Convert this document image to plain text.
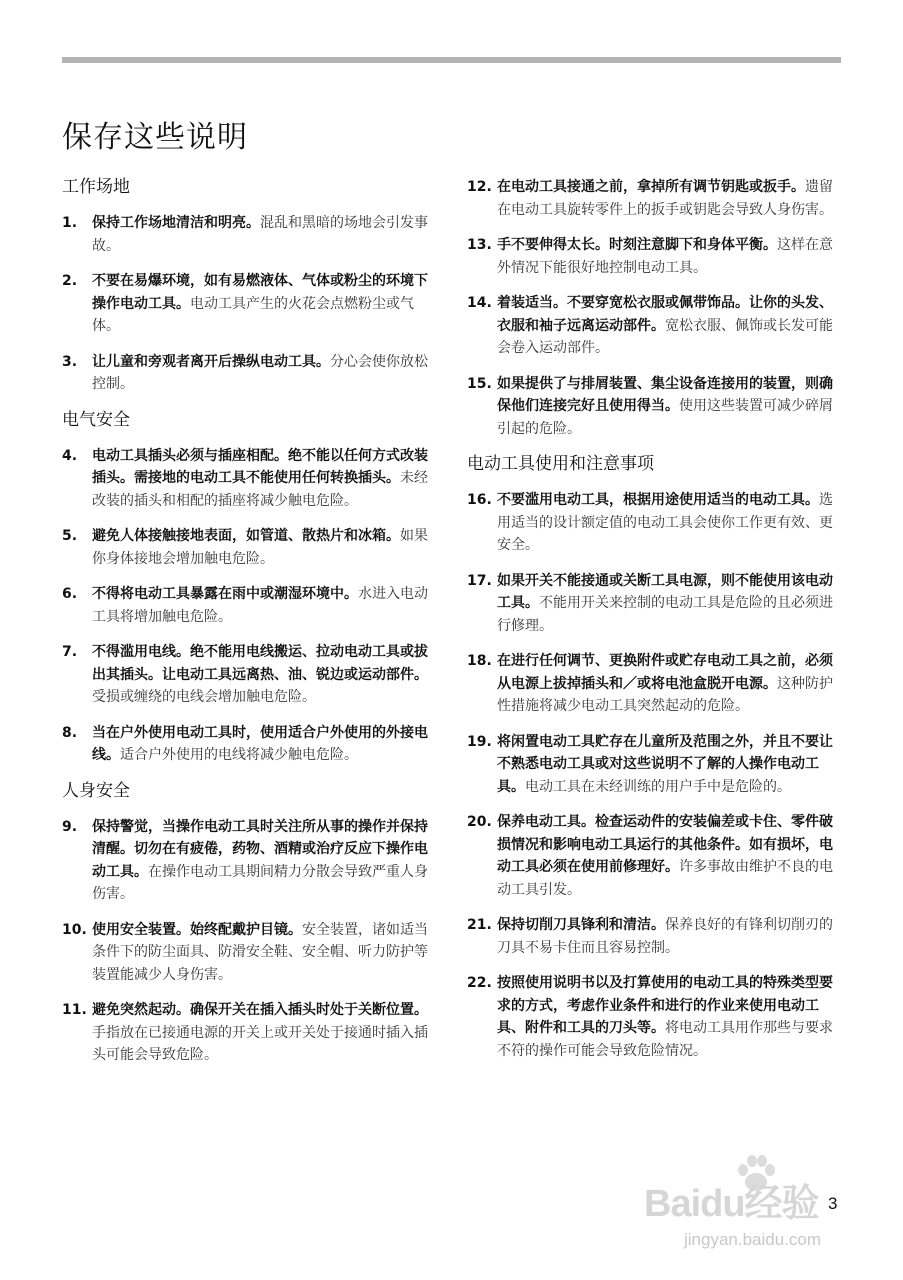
保存这些说明
工作场地
1.	保持工作场地清洁和明亮。混乱和黑暗的场地会引发事故。
2.	不要在易爆环境，如有易燃液体、气体或粉尘的环境下操作电动工具。电动工具产生的火花会点燃粉尘或气体。
3.	让儿童和旁观者离开后操纵电动工具。分心会使你放松控制。
电气安全
4.	电动工具插头必须与插座相配。绝不能以任何方式改装插头。需接地的电动工具不能使用任何转换插头。未经改装的插头和相配的插座将减少触电危险。
5.	避免人体接触接地表面，如管道、散热片和冰箱。如果你身体接地会增加触电危险。
6.	不得将电动工具暴露在雨中或潮湿环境中。水进入电动工具将增加触电危险。
7.	不得滥用电线。绝不能用电线搬运、拉动电动工具或拔出其插头。让电动工具远离热、油、锐边或运动部件。受损或缠绕的电线会增加触电危险。
8.	当在户外使用电动工具时，使用适合户外使用的外接电线。适合户外使用的电线将减少触电危险。
人身安全
9.	保持警觉，当操作电动工具时关注所从事的操作并保持清醒。切勿在有疲倦，药物、酒精或治疗反应下操作电动工具。在操作电动工具期间精力分散会导致严重人身伤害。
10. 使用安全装置。始终配戴护目镜。安全装置，诸如适当条件下的防尘面具、防滑安全鞋、安全帽、听力防护等装置能减少人身伤害。
11. 避免突然起动。确保开关在插入插头时处于关断位置。手指放在已接通电源的开关上或开关处于接通时插入插头可能会导致危险。
12. 在电动工具接通之前，拿掉所有调节钥匙或扳手。遗留在电动工具旋转零件上的扳手或钥匙会导致人身伤害。
13. 手不要伸得太长。时刻注意脚下和身体平衡。这样在意外情况下能很好地控制电动工具。
14. 着装适当。不要穿宽松衣服或佩带饰品。让你的头发、衣服和袖子远离运动部件。宽松衣服、佩饰或长发可能会卷入运动部件。
15. 如果提供了与排屑装置、集尘设备连接用的装置，则确保他们连接完好且使用得当。使用这些装置可减少碎屑引起的危险。
电动工具使用和注意事项
16. 不要滥用电动工具，根据用途使用适当的电动工具。选用适当的设计额定值的电动工具会使你工作更有效、更安全。
17. 如果开关不能接通或关断工具电源，则不能使用该电动工具。不能用开关来控制的电动工具是危险的且必须进行修理。
18. 在进行任何调节、更换附件或贮存电动工具之前，必须从电源上拔掉插头和／或将电池盒脱开电源。这种防护性措施将减少电动工具突然起动的危险。
19. 将闲置电动工具贮存在儿童所及范围之外，并且不要让不熟悉电动工具或对这些说明不了解的人操作电动工具。电动工具在未经训练的用户手中是危险的。
20. 保养电动工具。检查运动件的安装偏差或卡住、零件破损情况和影响电动工具运行的其他条件。如有损坏，电动工具必须在使用前修理好。许多事故由维护不良的电动工具引发。
21. 保持切削刀具锋利和清洁。保养良好的有锋利切削刃的刀具不易卡住而且容易控制。
22. 按照使用说明书以及打算使用的电动工具的特殊类型要求的方式，考虑作业条件和进行的作业来使用电动工具、附件和工具的刀头等。将电动工具用作那些与要求不符的操作可能会导致危险情况。
Baidu经验
jingyan.baidu.com
3
